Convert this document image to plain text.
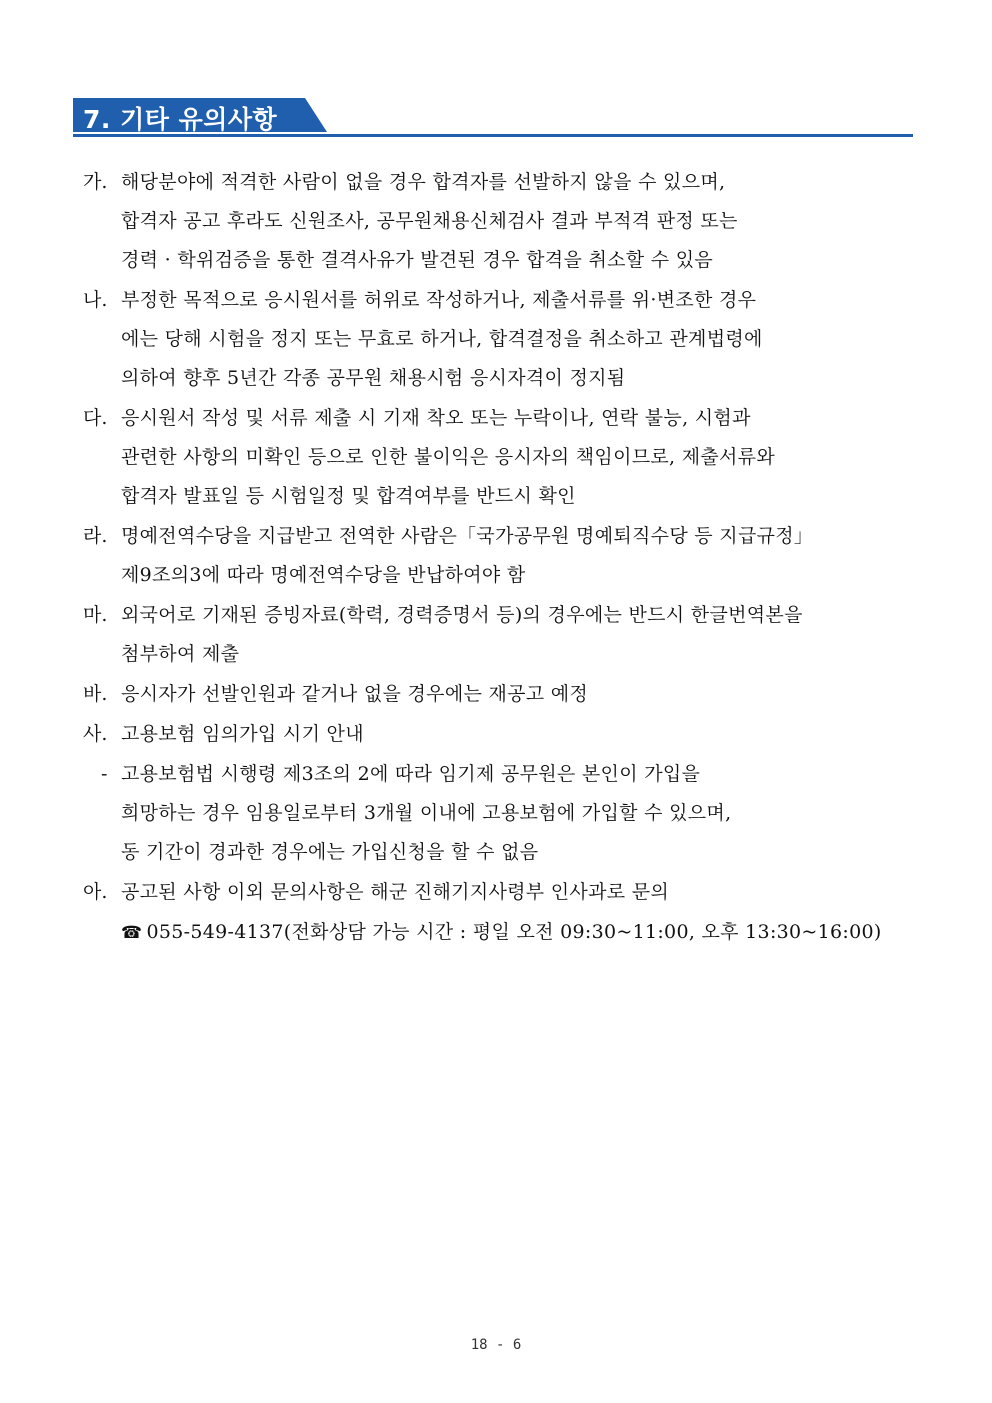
7. 기타 유의사항
가. 해당분야에 적격한 사람이 없을 경우 합격자를 선발하지 않을 수 있으며,
합격자 공고 후라도 신원조사, 공무원채용신체검사 결과 부적격 판정 또는
경력 · 학위검증을 통한 결격사유가 발견된 경우 합격을 취소할 수 있음
나. 부정한 목적으로 응시원서를 허위로 작성하거나, 제출서류를 위·변조한 경우
에는 당해 시험을 정지 또는 무효로 하거나, 합격결정을 취소하고 관계법령에
의하여 향후 5년간 각종 공무원 채용시험 응시자격이 정지됨
다. 응시원서 작성 및 서류 제출 시 기재 착오 또는 누락이나, 연락 불능, 시험과
관련한 사항의 미확인 등으로 인한 불이익은 응시자의 책임이므로, 제출서류와
합격자 발표일 등 시험일정 및 합격여부를 반드시 확인
라. 명예전역수당을 지급받고 전역한 사람은「국가공무원 명예퇴직수당 등 지급규정」
제9조의3에 따라 명예전역수당을 반납하여야 함
마. 외국어로 기재된 증빙자료(학력, 경력증명서 등)의 경우에는 반드시 한글번역본을
첨부하여 제출
바. 응시자가 선발인원과 같거나 없을 경우에는 재공고 예정
사. 고용보험 임의가입 시기 안내
- 고용보험법 시행령 제3조의 2에 따라 임기제 공무원은 본인이 가입을
희망하는 경우 임용일로부터 3개월 이내에 고용보험에 가입할 수 있으며,
동 기간이 경과한 경우에는 가입신청을 할 수 없음
아. 공고된 사항 이외 문의사항은 해군 진해기지사령부 인사과로 문의
☎ 055-549-4137(전화상담 가능 시간 : 평일 오전 09:30~11:00, 오후 13:30~16:00)
18 - 6
